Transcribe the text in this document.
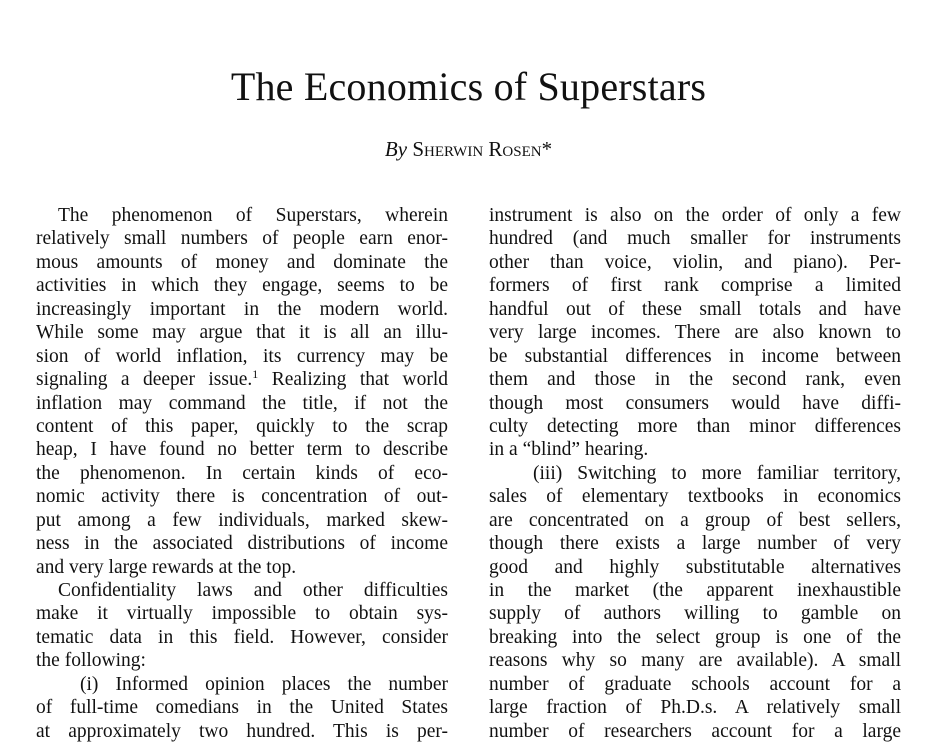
The Economics of Superstars
By Sherwin Rosen*
The phenomenon of Superstars, wherein
relatively small numbers of people earn enor-
mous amounts of money and dominate the
activities in which they engage, seems to be
increasingly important in the modern world.
While some may argue that it is all an illu-
sion of world inflation, its currency may be
signaling a deeper issue.$^1$ Realizing that world
inflation may command the title, if not the
content of this paper, quickly to the scrap
heap, I have found no better term to describe
the phenomenon. In certain kinds of eco-
nomic activity there is concentration of out-
put among a few individuals, marked skew-
ness in the associated distributions of income
and very large rewards at the top.
Confidentiality laws and other difficulties
make it virtually impossible to obtain sys-
tematic data in this field. However, consider
the following:
(i) Informed opinion places the number
of full-time comedians in the United States
at approximately two hundred. This is per-
instrument is also on the order of only a few
hundred (and much smaller for instruments
other than voice, violin, and piano). Per-
formers of first rank comprise a limited
handful out of these small totals and have
very large incomes. There are also known to
be substantial differences in income between
them and those in the second rank, even
though most consumers would have diffi-
culty detecting more than minor differences
in a “blind” hearing.
(iii) Switching to more familiar territory,
sales of elementary textbooks in economics
are concentrated on a group of best sellers,
though there exists a large number of very
good and highly substitutable alternatives
in the market (the apparent inexhaustible
supply of authors willing to gamble on
breaking into the select group is one of the
reasons why so many are available). A small
number of graduate schools account for a
large fraction of Ph.D.s. A relatively small
number of researchers account for a large
